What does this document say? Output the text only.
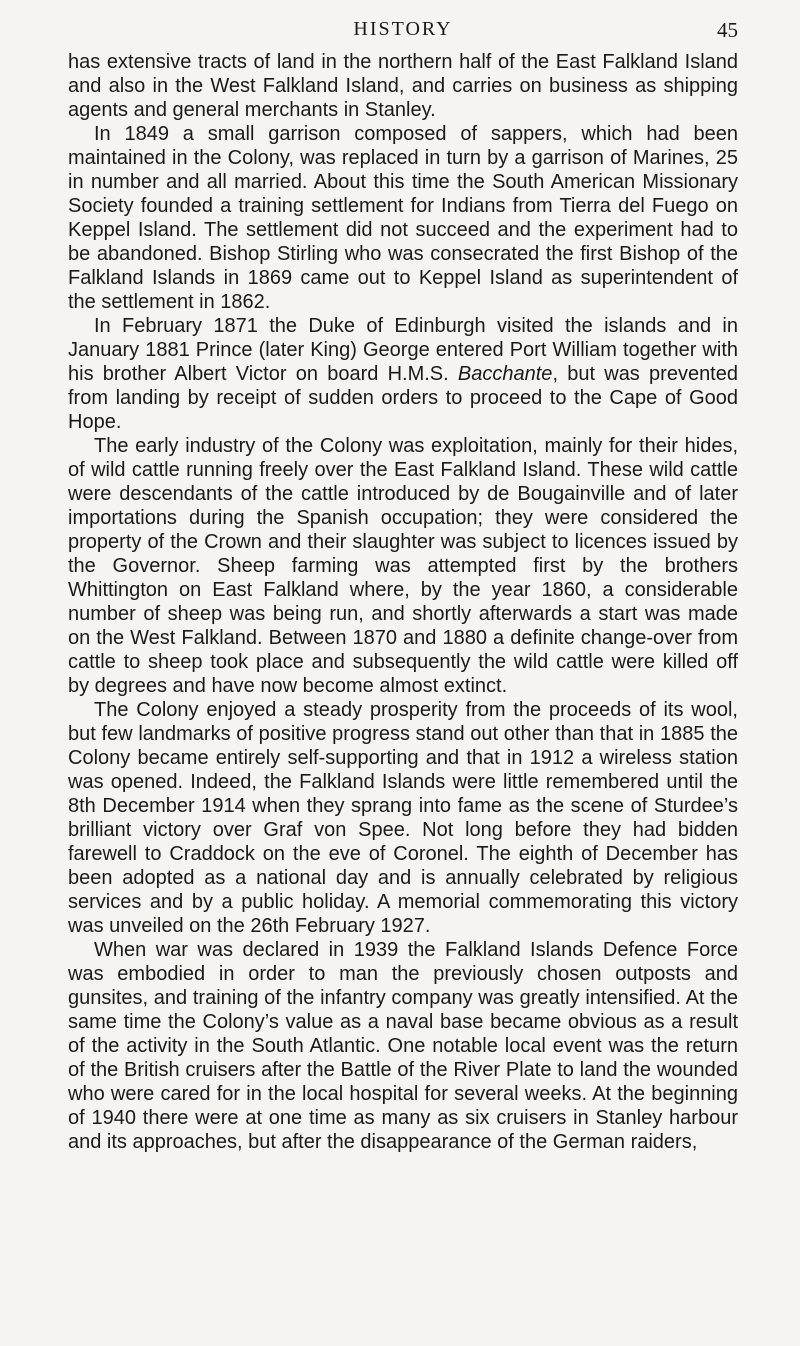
HISTORY	45

has extensive tracts of land in the northern half of the East Falkland Island and also in the West Falkland Island, and carries on business as shipping agents and general merchants in Stanley.

In 1849 a small garrison composed of sappers, which had been maintained in the Colony, was replaced in turn by a garrison of Marines, 25 in number and all married. About this time the South American Missionary Society founded a training settlement for Indians from Tierra del Fuego on Keppel Island. The settlement did not succeed and the experiment had to be abandoned. Bishop Stirling who was consecrated the first Bishop of the Falkland Islands in 1869 came out to Keppel Island as superintendent of the settlement in 1862.

In February 1871 the Duke of Edinburgh visited the islands and in January 1881 Prince (later King) George entered Port William together with his brother Albert Victor on board H.M.S. Bacchante, but was prevented from landing by receipt of sudden orders to proceed to the Cape of Good Hope.

The early industry of the Colony was exploitation, mainly for their hides, of wild cattle running freely over the East Falkland Island. These wild cattle were descendants of the cattle introduced by de Bougainville and of later importations during the Spanish occupation; they were considered the property of the Crown and their slaughter was subject to licences issued by the Governor. Sheep farming was attempted first by the brothers Whittington on East Falkland where, by the year 1860, a considerable number of sheep was being run, and shortly afterwards a start was made on the West Falkland. Between 1870 and 1880 a definite change-over from cattle to sheep took place and subsequently the wild cattle were killed off by degrees and have now become almost extinct.

The Colony enjoyed a steady prosperity from the proceeds of its wool, but few landmarks of positive progress stand out other than that in 1885 the Colony became entirely self-supporting and that in 1912 a wireless station was opened. Indeed, the Falkland Islands were little remembered until the 8th December 1914 when they sprang into fame as the scene of Sturdee’s brilliant victory over Graf von Spee. Not long before they had bidden farewell to Craddock on the eve of Coronel. The eighth of December has been adopted as a national day and is annually celebrated by religious services and by a public holiday. A memorial commemorating this victory was unveiled on the 26th February 1927.

When war was declared in 1939 the Falkland Islands Defence Force was embodied in order to man the previously chosen outposts and gunsites, and training of the infantry company was greatly intensified. At the same time the Colony’s value as a naval base became obvious as a result of the activity in the South Atlantic. One notable local event was the return of the British cruisers after the Battle of the River Plate to land the wounded who were cared for in the local hospital for several weeks. At the beginning of 1940 there were at one time as many as six cruisers in Stanley harbour and its approaches, but after the disappearance of the German raiders,
